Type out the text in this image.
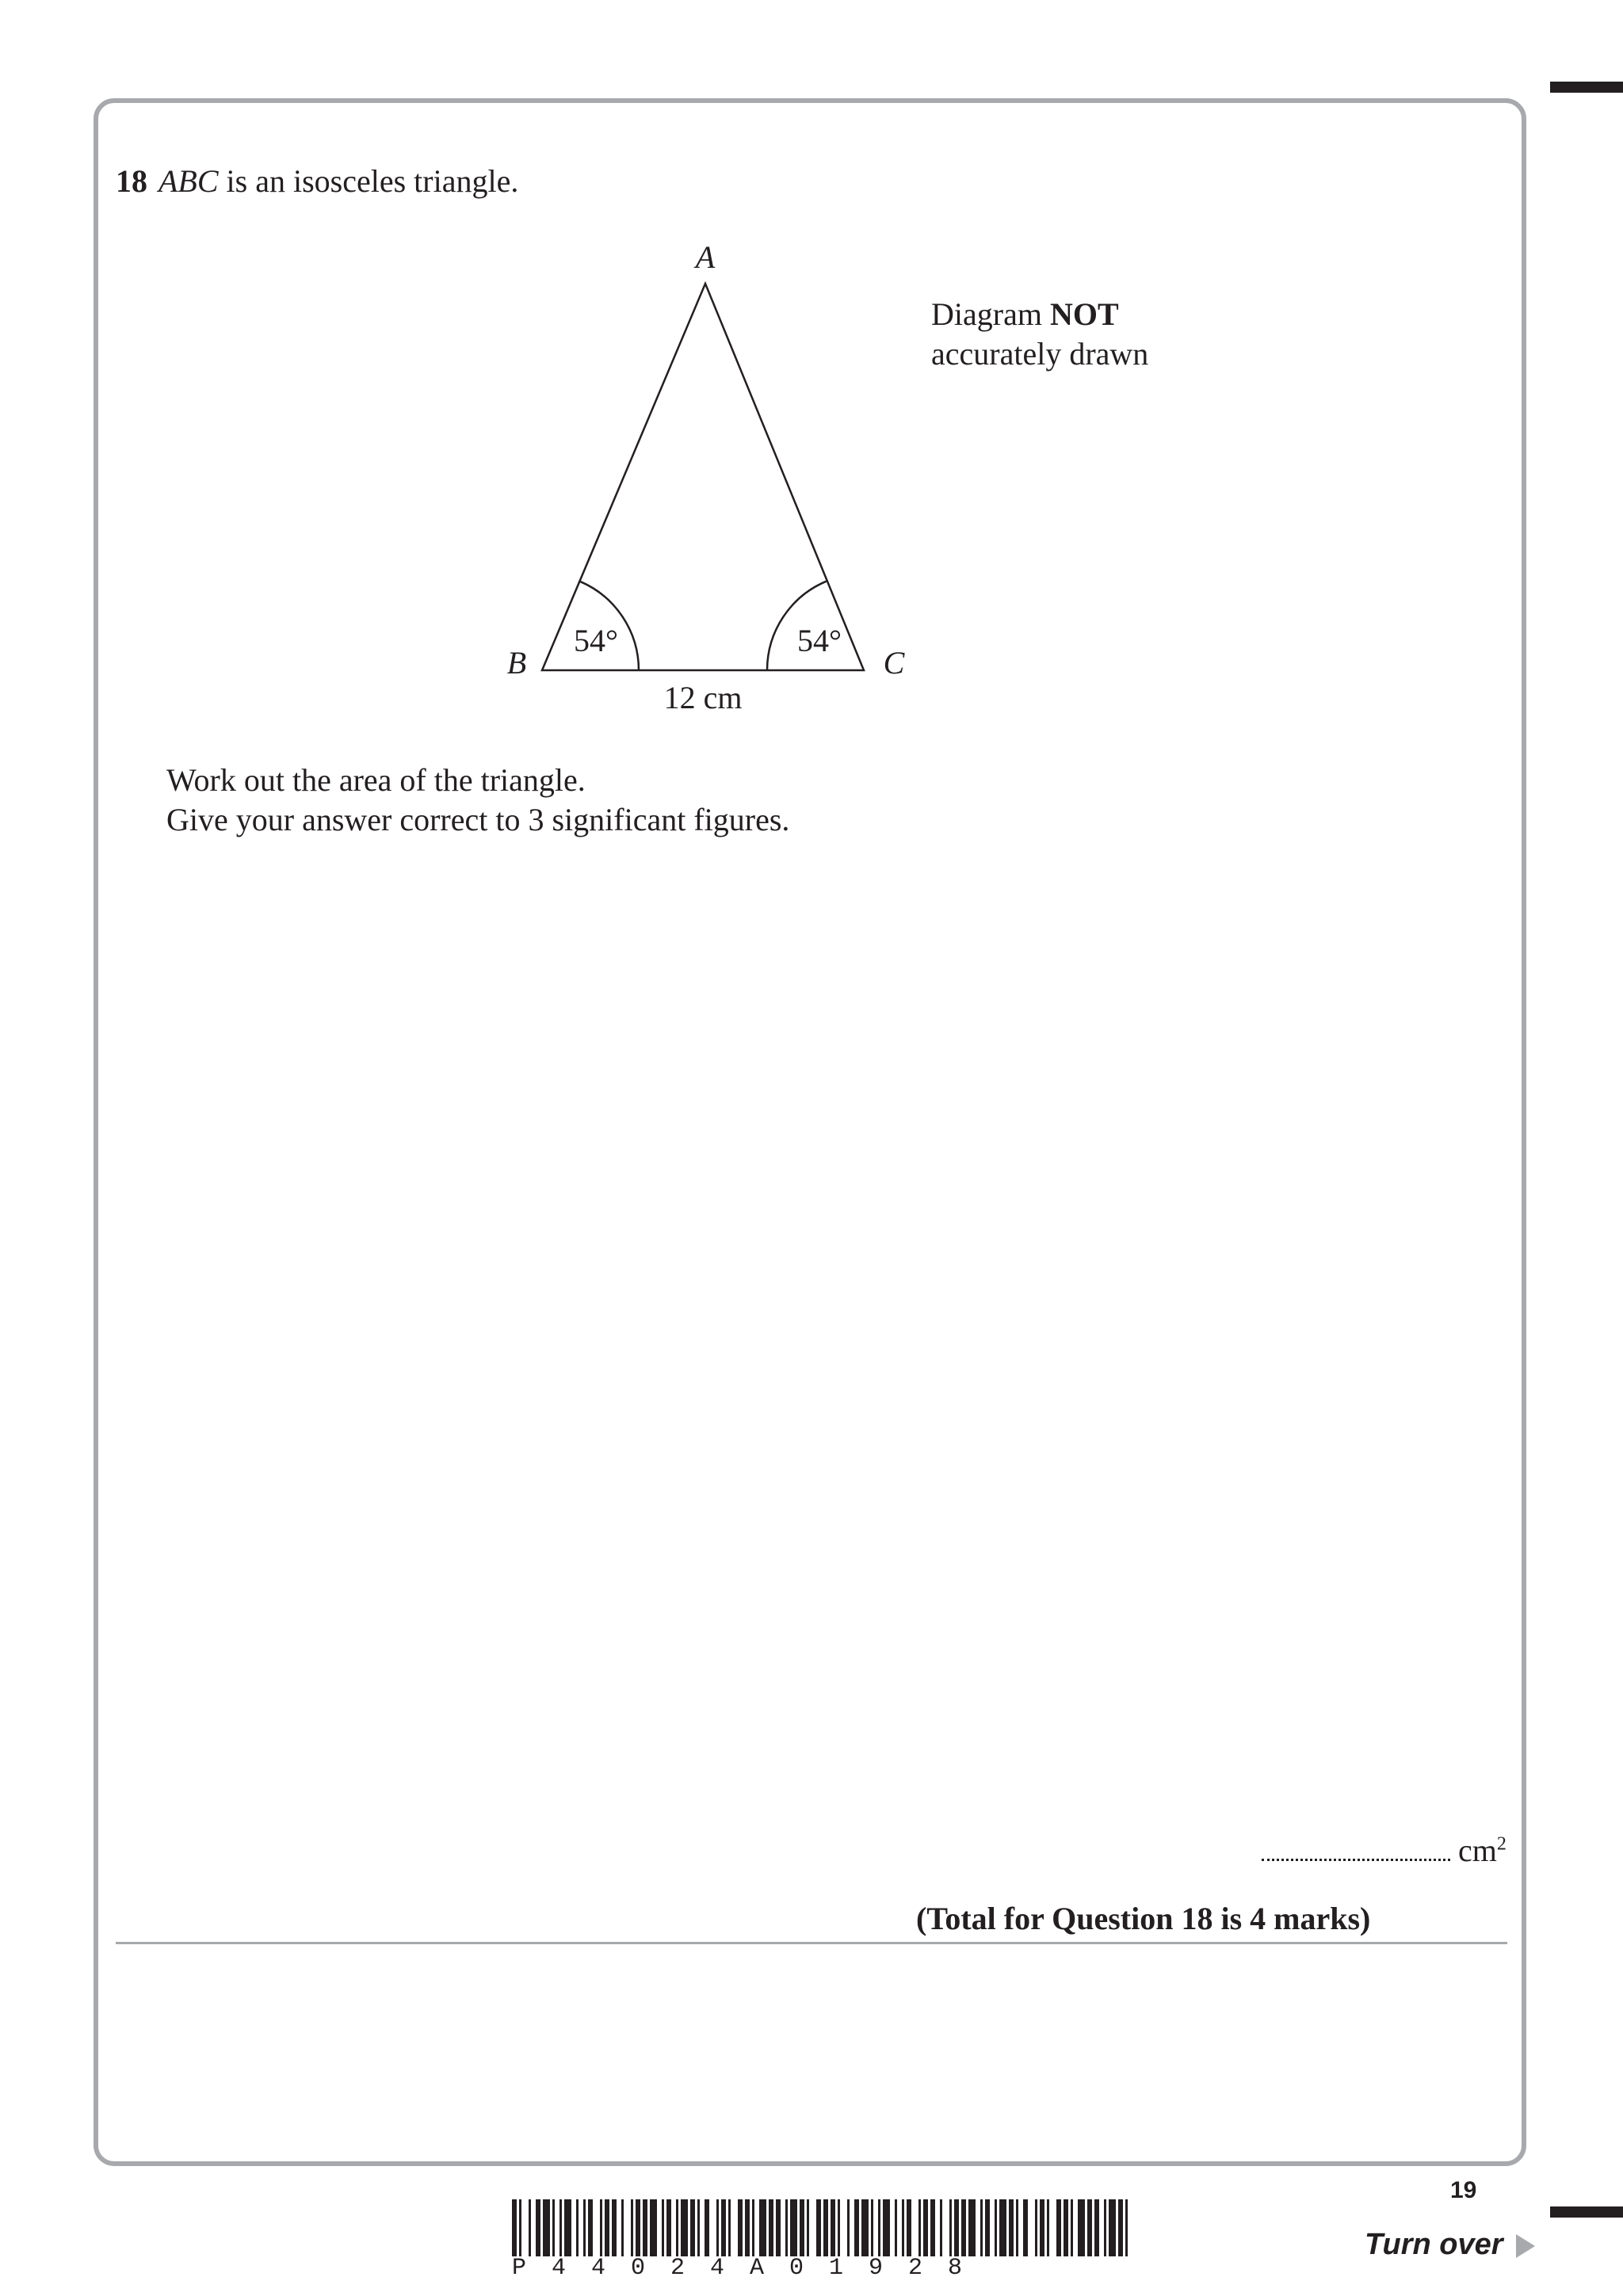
18 ABC is an isosceles triangle.
A
B	C
54°	54°
12 cm
Diagram NOT
accurately drawn
Work out the area of the triangle.
Give your answer correct to 3 significant figures.
$cm^2$
(Total for Question 18 is 4 marks)
19
Turn over
P44024A01928
